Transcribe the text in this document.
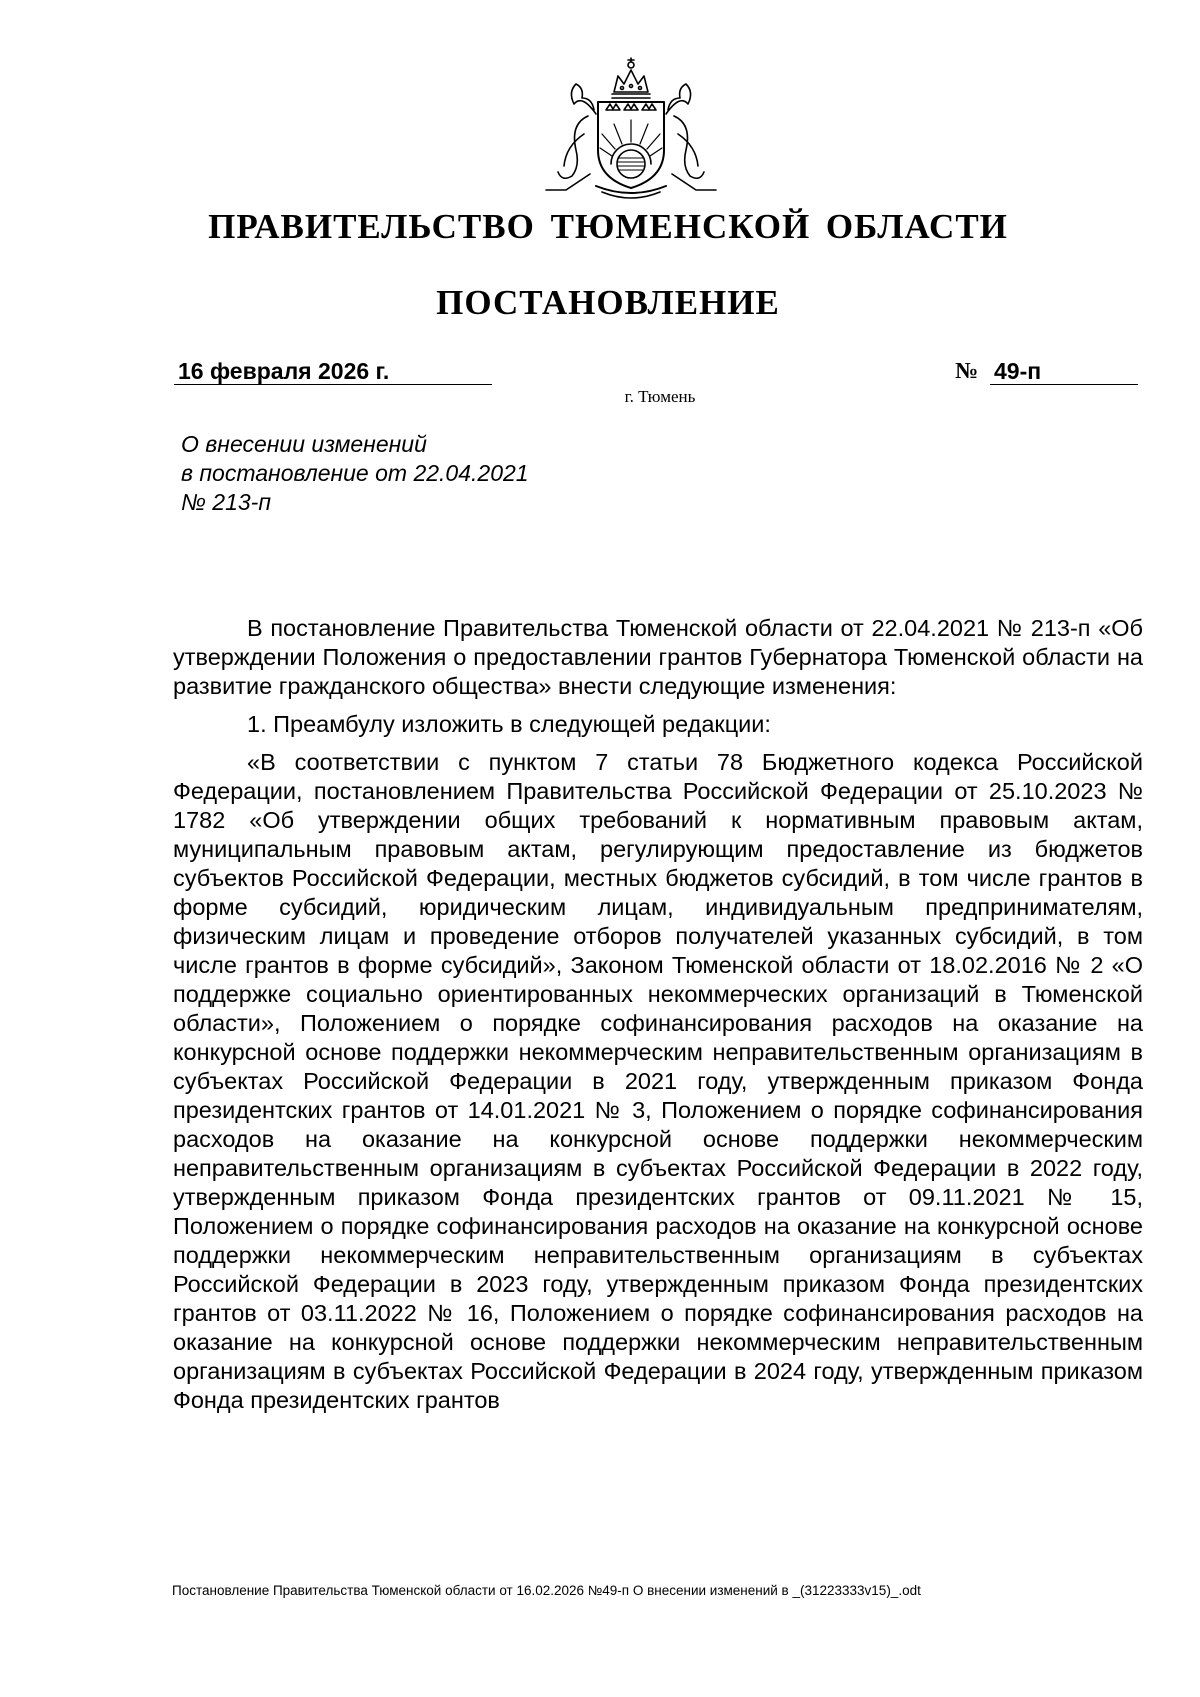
ПРАВИТЕЛЬСТВО ТЮМЕНСКОЙ ОБЛАСТИ
ПОСТАНОВЛЕНИЕ
16 февраля 2026 г.	№ 49-п
г. Тюмень
О внесении изменений
в постановление от 22.04.2021
№ 213-п

В постановление Правительства Тюменской области от 22.04.2021 № 213-п «Об утверждении Положения о предоставлении грантов Губернатора Тюменской области на развитие гражданского общества» внести следующие изменения:

1. Преамбулу изложить в следующей редакции:

«В соответствии с пунктом 7 статьи 78 Бюджетного кодекса Российской Федерации, постановлением Правительства Российской Федерации от 25.10.2023 № 1782 «Об утверждении общих требований к нормативным правовым актам, муниципальным правовым актам, регулирующим предоставление из бюджетов субъектов Российской Федерации, местных бюджетов субсидий, в том числе грантов в форме субсидий, юридическим лицам, индивидуальным предпринимателям, физическим лицам и проведение отборов получателей указанных субсидий, в том числе грантов в форме субсидий», Законом Тюменской области от 18.02.2016 № 2 «О поддержке социально ориентированных некоммерческих организаций в Тюменской области», Положением о порядке софинансирования расходов на оказание на конкурсной основе поддержки некоммерческим неправительственным организациям в субъектах Российской Федерации в 2021 году, утвержденным приказом Фонда президентских грантов от 14.01.2021 № 3, Положением о порядке софинансирования расходов на оказание на конкурсной основе поддержки некоммерческим неправительственным организациям в субъектах Российской Федерации в 2022 году, утвержденным приказом Фонда президентских грантов от 09.11.2021 № 15, Положением о порядке софинансирования расходов на оказание на конкурсной основе поддержки некоммерческим неправительственным организациям в субъектах Российской Федерации в 2023 году, утвержденным приказом Фонда президентских грантов от 03.11.2022 № 16, Положением о порядке софинансирования расходов на оказание на конкурсной основе поддержки некоммерческим неправительственным организациям в субъектах Российской Федерации в 2024 году, утвержденным приказом Фонда президентских грантов

Постановление Правительства Тюменской области от 16.02.2026 №49-п О внесении изменений в _(31223333v15)_.odt
